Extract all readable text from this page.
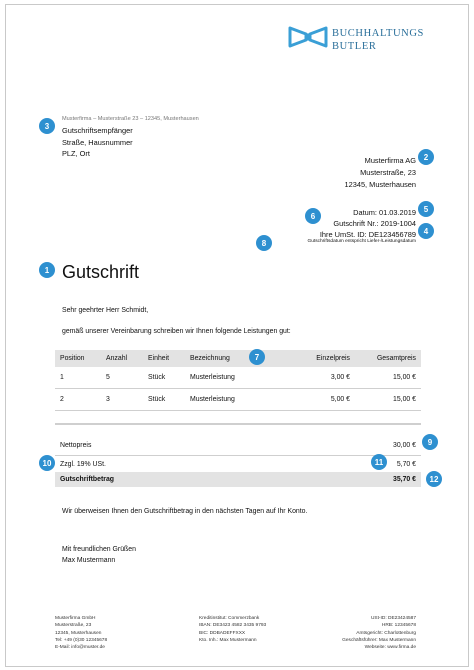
BUCHHALTUNGS
BUTLER
Musterfirma – Musterstraße 23 – 12345, Musterhausen
Gutschriftsempfänger
Straße, Hausnummer
PLZ, Ort
Musterfirma AG
Musterstraße, 23
12345, Musterhausen
Datum: 01.03.2019
Gutschrift Nr.: 2019-1004
Ihre UmSt. ID: DE123456789
Gutschriftsdatum entspricht Liefer-/Leistungsdatum
Gutschrift
Sehr geehrter Herr Schmidt,
gemäß unserer Vereinbarung schreiben wir Ihnen folgende Leistungen gut:
Position	Anzahl	Einheit	Bezeichnung	Einzelpreis	Gesamtpreis
1	5	Stück	Musterleistung	3,00 €	15,00 €
2	3	Stück	Musterleistung	5,00 €	15,00 €

Nettopreis	30,00 €
Zzgl. 19% USt.	5,70 €
Gutschriftbetrag	35,70 €
Wir überweisen Ihnen den Gutschriftbetrag in den nächsten Tagen auf Ihr Konto.
Mit freundlichen Grüßen
Max Mustermann
Musterfirma GmbH
Musterstraße, 23
12345, Musterhausen
Tel: +49 (0)30 12345678
E-Mail: info@muster.de
Kreditinstitut: Commerzbank
IBAN: DE3423 4582 3435 9793
BIC: DDBADEFFXXX
Kto. Inh.: Max Mustermann
USt-ID: DE23424587
HRB: 12345678
Amtsgericht: Charlottenburg
Geschäftsführer: Max Mustermann
Webseite: www.firma.de
1
2
3
4
5
6
7
8
9
10	11
12
